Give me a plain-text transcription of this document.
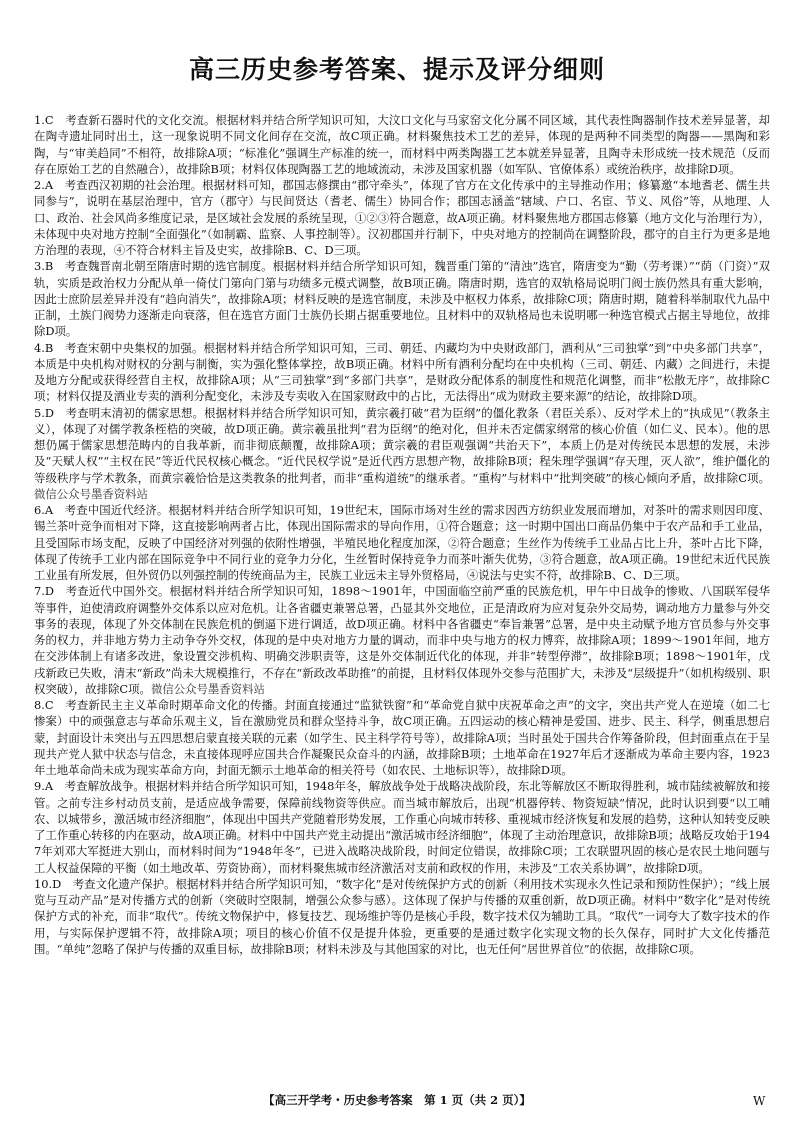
高三历史参考答案、提示及评分细则

1.C　考查新石器时代的文化交流。根据材料并结合所学知识可知，大汶口文化与马家窑文化分属不同区域，其代表性陶器制作技术差异显著，却在陶寺遗址同时出土，这一现象说明不同文化间存在交流，故C项正确。材料聚焦技术工艺的差异，体现的是两种不同类型的陶器——黑陶和彩陶，与“审美趋同”不相符，故排除A项；“标准化”强调生产标准的统一，而材料中两类陶器工艺本就差异显著，且陶寺未形成统一技术规范（反而存在原始工艺的自然融合），故排除B项；材料仅体现陶器工艺的地域流动，未涉及国家机器（如军队、官僚体系）或统治秩序，故排除D项。

2.A　考查西汉初期的社会治理。根据材料可知，郡国志修撰由“郡守牵头”，体现了官方在文化传承中的主导推动作用；修纂邀“本地耆老、儒生共同参与”，说明在基层治理中，官方（郡守）与民间贤达（耆老、儒生）协同合作；郡国志涵盖“辖域、户口、名宦、节义、风俗”等，从地理、人口、政治、社会风尚多维度记录，是区域社会发展的系统呈现，①②③符合题意，故A项正确。材料聚焦地方郡国志修纂（地方文化与治理行为），未体现中央对地方控制“全面强化”（如制霸、监察、人事控制等）。汉初郡国并行制下，中央对地方的控制尚在调整阶段，郡守的自主行为更多是地方治理的表现，④不符合材料主旨及史实，故排除B、C、D三项。

3.B　考查魏晋南北朝至隋唐时期的选官制度。根据材料并结合所学知识可知，魏晋重门第的“清浊”选官，隋唐变为“勤（劳考课）”“荫（门资）”双轨，实质是政治权力分配从单一倚仗门第向门第与功绩多元模式调整，故B项正确。隋唐时期，选官的双轨格局说明门阀士族仍然具有重大影响，因此士庶阶层差异并没有“趋向消失”，故排除A项；材料反映的是选官制度，未涉及中枢权力体系，故排除C项；隋唐时期，随着科举制取代九品中正制，土族门阀势力逐渐走向衰落，但在选官方面门士族仍长期占据重要地位。且材料中的双轨格局也未说明哪一种选官模式占据主导地位，故排除D项。

4.B　考查宋朝中央集权的加强。根据材料并结合所学知识可知，三司、朝廷、内藏均为中央财政部门，酒利从“三司独掌”到“中央多部门共享”，本质是中央机构对财权的分割与制衡，实为强化整体掌控，故B项正确。材料中所有酒利分配均在中央机构（三司、朝廷、内藏）之间进行，未提及地方分配或获得经营自主权，故排除A项；从“三司独掌”到“多部门共享”，是财政分配体系的制度性和规范化调整，而非“松散无序”，故排除C项；材料仅提及酒业专卖的酒利分配变化，未涉及专卖收入在国家财政中的占比，无法得出“成为财政主要来源”的结论，故排除D项。

5.D　考查明末清初的儒家思想。根据材料并结合所学知识可知，黄宗羲打破“君为臣纲”的僵化教条（君臣关系）、反对学术上的“执成见”（教条主义），体现了对儒学教条桎梏的突破，故D项正确。黄宗羲虽批判“君为臣纲”的绝对化，但并未否定儒家纲常的核心价值（如仁义、民本）。他的思想仍属于儒家思想范畴内的自我革新，而非彻底颠覆，故排除A项；黄宗羲的君臣观强调“共治天下”，本质上仍是对传统民本思想的发展，未涉及“天赋人权”“主权在民”等近代民权核心概念。“近代民权学说”是近代西方思想产物，故排除B项；程朱理学强调“存天理，灭人欲”，维护僵化的等级秩序与学术教条，而黄宗羲恰恰是这类教条的批判者，而非“重构道统”的继承者。“重构”与材料中“批判突破”的核心倾向矛盾，故排除C项。微信公众号墨香资料站

6.A　考查中国近代经济。根据材料并结合所学知识可知，19世纪末，国际市场对生丝的需求因西方纺织业发展而增加，对茶叶的需求则因印度、锡兰茶叶竞争而相对下降，这直接影响两者占比，体现出国际需求的导向作用，①符合题意；这一时期中国出口商品仍集中于农产品和手工业品，且受国际市场支配，反映了中国经济对列强的依附性增强，半殖民地化程度加深，②符合题意；生丝作为传统手工业品占比上升，茶叶占比下降，体现了传统手工业内部在国际竞争中不同行业的竞争力分化，生丝暂时保持竞争力而茶叶渐失优势，③符合题意，故A项正确。19世纪末近代民族工业虽有所发展，但外贸仍以列强控制的传统商品为主，民族工业远未主导外贸格局，④说法与史实不符，故排除B、C、D三项。

7.D　考查近代中国外交。根据材料并结合所学知识可知，1898～1901年，中国面临空前严重的民族危机，甲午中日战争的惨败、八国联军侵华等事件，迫使清政府调整外交体系以应对危机。让各省疆吏兼署总署，凸显其外交地位，正是清政府为应对复杂外交局势，调动地方力量参与外交事务的表现，体现了外交体制在民族危机的倒逼下进行调适，故D项正确。材料中各省疆吏“奉旨兼署”总署，是中央主动赋予地方官员参与外交事务的权力，并非地方势力主动争夺外交权，体现的是中央对地方力量的调动，而非中央与地方的权力博弈，故排除A项；1899～1901年间，地方在交涉体制上有诸多改进，象设置交涉机构、明确交涉职责等，这是外交体制近代化的体现，并非“转型停滞”，故排除B项；1898～1901年，戊戌新政已失败，清末“新政”尚未大规模推行，不存在“新政改革助推”的前提，且材料仅体现外交参与范围扩大，未涉及“层级提升”（如机构级别、职权突破），故排除C项。微信公众号墨香资料站

8.C　考查新民主主义革命时期革命文化的传播。封面直接通过“监狱铁窗”和“革命党自狱中庆祝革命之声”的文字，突出共产党人在逆境（如二七惨案）中的顽强意志与革命乐观主义，旨在激励党员和群众坚持斗争，故C项正确。五四运动的核心精神是爱国、进步、民主、科学，侧重思想启蒙，封面设计未突出与五四思想启蒙直接关联的元素（如学生、民主科学符号等），故排除A项；当时虽处于国共合作筹备阶段，但封面重点在于呈现共产党人狱中状态与信念，未直接体现呼应国共合作凝聚民众奋斗的内涵，故排除B项；土地革命在1927年后才逐渐成为革命主要内容，1923年土地革命尚未成为现实革命方向，封面无额示土地革命的相关符号（如农民、土地标识等），故排除D项。

9.A　考查解放战争。根据材料并结合所学知识可知，1948年冬，解放战争处于战略决战阶段，东北等解放区不断取得胜利，城市陆续被解放和接管。之前专注乡村动员支前，是适应战争需要，保障前线物资等供应。而当城市解放后，出现“机器停转、物资短缺”情况，此时认识到要“以工哺农、以城带乡，激活城市经济细胞”，体现出中国共产党随着形势发展，工作重心向城市转移、重视城市经济恢复和发展的趋势，这种认知转变反映了工作重心转移的内在驱动，故A项正确。材料中中国共产党主动提出“激活城市经济细胞”，体现了主动治理意识，故排除B项；战略反攻始于1947年刘邓大军挺进大别山，而材料时间为“1948年冬”，已进入战略决战阶段，时间定位错误，故排除C项；工农联盟巩固的核心是农民土地问题与工人权益保障的平衡（如土地改革、劳资协商），而材料聚焦城市经济激活对支前和政权的作用，未涉及“工农关系协调”，故排除D项。

10.D　考查文化遗产保护。根据材料并结合所学知识可知，“数字化”是对传统保护方式的创新（利用技术实现永久性记录和预防性保护）；“线上展览与互动产品”是对传播方式的创新（突破时空限制，增强公众参与感）。这体现了保护与传播的双重创新，故D项正确。材料中“数字化”是对传统保护方式的补充，而非“取代”。传统文物保护中，修复技艺、现场维护等仍是核心手段，数字技术仅为辅助工具。“取代”一词夸大了数字技术的作用，与实际保护逻辑不符，故排除A项；项目的核心价值不仅是提升体验，更重要的是通过数字化实现文物的长久保存，同时扩大文化传播范围。“单纯”忽略了保护与传播的双重目标，故排除B项；材料未涉及与其他国家的对比，也无任何“居世界首位”的依据，故排除C项。

【高三开学考・历史参考答案　第 1 页（共 2 页）】	W
